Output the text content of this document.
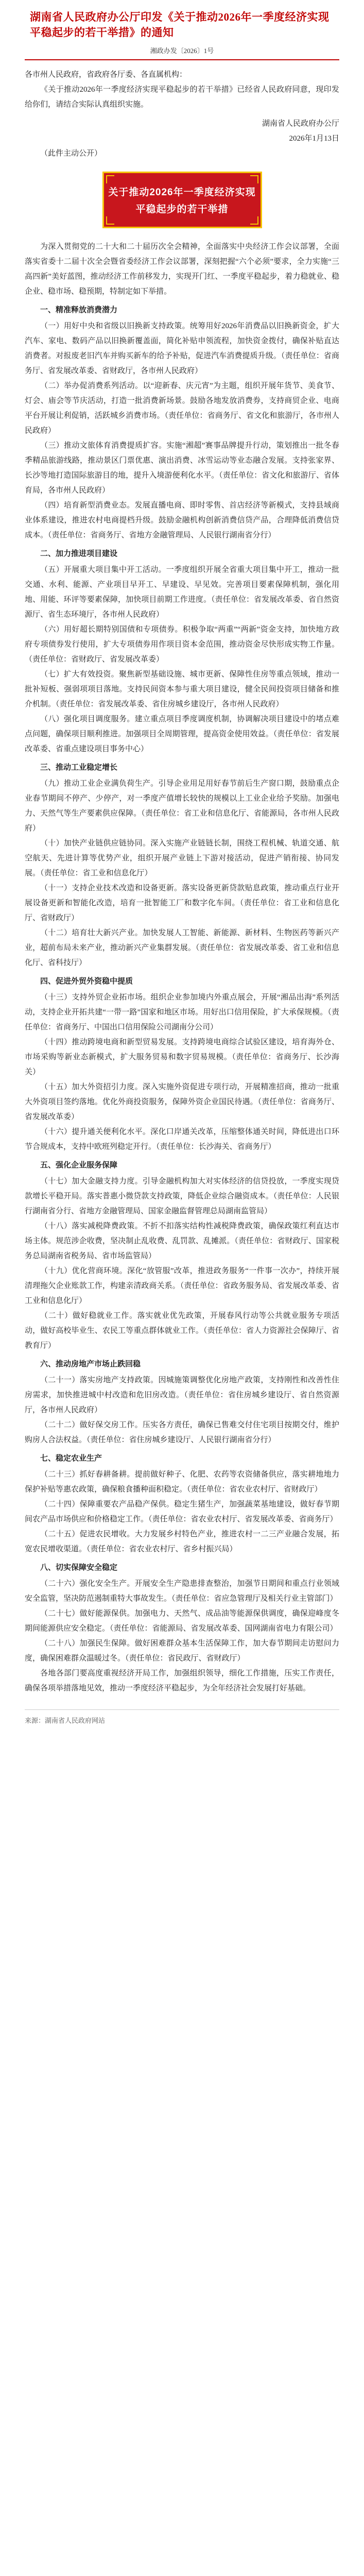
湖南省人民政府办公厅印发《关于推动2026年一季度经济实现平稳起步的若干举措》的通知
湘政办发〔2026〕1号

各市州人民政府，省政府各厅委、各直属机构：

《关于推动2026年一季度经济实现平稳起步的若干举措》已经省人民政府同意，现印发给你们，请结合实际认真组织实施。

湖南省人民政府办公厅
2026年1月13日

（此件主动公开）

关于推动2026年一季度经济实现
平稳起步的若干举措

为深入贯彻党的二十大和二十届历次全会精神，全面落实中央经济工作会议部署，全面落实省委十二届十次全会暨省委经济工作会议部署，深刻把握“六个必须”要求，全力实施“三高四新”美好蓝图，推动经济工作前移发力，实现开门红、一季度平稳起步，着力稳就业、稳企业、稳市场、稳预期，特制定如下举措。

一、精准释放消费潜力

（一）用好中央和省级以旧换新支持政策。统筹用好2026年消费品以旧换新资金，扩大汽车、家电、数码产品以旧换新覆盖面，简化补贴申领流程，加快资金拨付，确保补贴直达消费者。对报废老旧汽车并购买新车的给予补贴，促进汽车消费提质升级。（责任单位：省商务厅、省发展改革委、省财政厅，各市州人民政府）

（二）举办促消费系列活动。以“迎新春、庆元宵”为主题，组织开展年货节、美食节、灯会、庙会等节庆活动，打造一批消费新场景。鼓励各地发放消费券，支持商贸企业、电商平台开展让利促销，活跃城乡消费市场。（责任单位：省商务厅、省文化和旅游厅，各市州人民政府）

（三）推动文旅体育消费提质扩容。实施“湘超”赛事品牌提升行动，策划推出一批冬春季精品旅游线路，推动景区门票优惠、演出消费、冰雪运动等业态融合发展。支持张家界、长沙等地打造国际旅游目的地，提升入境游便利化水平。（责任单位：省文化和旅游厅、省体育局，各市州人民政府）

（四）培育新型消费业态。发展直播电商、即时零售、首店经济等新模式，支持县域商业体系建设，推进农村电商提档升级。鼓励金融机构创新消费信贷产品，合理降低消费信贷成本。（责任单位：省商务厅、省地方金融管理局、人民银行湖南省分行）

二、加力推进项目建设

（五）开展重大项目集中开工活动。一季度组织开展全省重大项目集中开工，推动一批交通、水利、能源、产业项目早开工、早建设、早见效。完善项目要素保障机制，强化用地、用能、环评等要素保障，加快项目前期工作进度。（责任单位：省发展改革委、省自然资源厅、省生态环境厅，各市州人民政府）

（六）用好超长期特别国债和专项债券。积极争取“两重”“两新”资金支持，加快地方政府专项债券发行使用，扩大专项债券用作项目资本金范围，推动资金尽快形成实物工作量。（责任单位：省财政厅、省发展改革委）

（七）扩大有效投资。聚焦新型基础设施、城市更新、保障性住房等重点领域，推动一批补短板、强弱项项目落地。支持民间资本参与重大项目建设，健全民间投资项目储备和推介机制。（责任单位：省发展改革委、省住房城乡建设厅，各市州人民政府）

（八）强化项目调度服务。建立重点项目季度调度机制，协调解决项目建设中的堵点难点问题，确保项目顺利推进。加强项目全周期管理，提高资金使用效益。（责任单位：省发展改革委、省重点建设项目事务中心）

三、推动工业稳定增长

（九）推动工业企业满负荷生产。引导企业用足用好春节前后生产窗口期，鼓励重点企业春节期间不停产、少停产，对一季度产值增长较快的规模以上工业企业给予奖励。加强电力、天然气等生产要素供应保障。（责任单位：省工业和信息化厅、省能源局，各市州人民政府）

（十）加快产业链供应链协同。深入实施产业链链长制，围绕工程机械、轨道交通、航空航天、先进计算等优势产业，组织开展产业链上下游对接活动，促进产销衔接、协同发展。（责任单位：省工业和信息化厅）

（十一）支持企业技术改造和设备更新。落实设备更新贷款贴息政策，推动重点行业开展设备更新和智能化改造，培育一批智能工厂和数字化车间。（责任单位：省工业和信息化厅、省财政厅）

（十二）培育壮大新兴产业。加快发展人工智能、新能源、新材料、生物医药等新兴产业，超前布局未来产业，推动新兴产业集群发展。（责任单位：省发展改革委、省工业和信息化厅、省科技厅）

四、促进外贸外资稳中提质

（十三）支持外贸企业拓市场。组织企业参加境内外重点展会，开展“湘品出海”系列活动，支持企业开拓共建“一带一路”国家和地区市场。用好出口信用保险，扩大承保规模。（责任单位：省商务厅、中国出口信用保险公司湖南分公司）

（十四）推动跨境电商和新型贸易发展。支持跨境电商综合试验区建设，培育海外仓、市场采购等新业态新模式，扩大服务贸易和数字贸易规模。（责任单位：省商务厅、长沙海关）

（十五）加大外资招引力度。深入实施外资促进专项行动，开展精准招商，推动一批重大外资项目签约落地。优化外商投资服务，保障外资企业国民待遇。（责任单位：省商务厅、省发展改革委）

（十六）提升通关便利化水平。深化口岸通关改革，压缩整体通关时间，降低进出口环节合规成本，支持中欧班列稳定开行。（责任单位：长沙海关、省商务厅）

五、强化企业服务保障

（十七）加大金融支持力度。引导金融机构加大对实体经济的信贷投放，一季度实现贷款增长平稳开局。落实普惠小微贷款支持政策，降低企业综合融资成本。（责任单位：人民银行湖南省分行、省地方金融管理局、国家金融监督管理总局湖南监管局）

（十八）落实减税降费政策。不折不扣落实结构性减税降费政策，确保政策红利直达市场主体。规范涉企收费，坚决制止乱收费、乱罚款、乱摊派。（责任单位：省财政厅、国家税务总局湖南省税务局、省市场监管局）

（十九）优化营商环境。深化“放管服”改革，推进政务服务“一件事一次办”，持续开展清理拖欠企业账款工作，构建亲清政商关系。（责任单位：省政务服务局、省发展改革委、省工业和信息化厅）

（二十）做好稳就业工作。落实就业优先政策，开展春风行动等公共就业服务专项活动，做好高校毕业生、农民工等重点群体就业工作。（责任单位：省人力资源社会保障厅、省教育厅）

六、推动房地产市场止跌回稳

（二十一）落实房地产支持政策。因城施策调整优化房地产政策，支持刚性和改善性住房需求，加快推进城中村改造和危旧房改造。（责任单位：省住房城乡建设厅、省自然资源厅，各市州人民政府）

（二十二）做好保交房工作。压实各方责任，确保已售难交付住宅项目按期交付，维护购房人合法权益。（责任单位：省住房城乡建设厅、人民银行湖南省分行）

七、稳定农业生产

（二十三）抓好春耕备耕。提前做好种子、化肥、农药等农资储备供应，落实耕地地力保护补贴等惠农政策，确保粮食播种面积稳定。（责任单位：省农业农村厅、省财政厅）

（二十四）保障重要农产品稳产保供。稳定生猪生产，加强蔬菜基地建设，做好春节期间农产品市场供应和价格稳定工作。（责任单位：省农业农村厅、省发展改革委、省商务厅）

（二十五）促进农民增收。大力发展乡村特色产业，推进农村一二三产业融合发展，拓宽农民增收渠道。（责任单位：省农业农村厅、省乡村振兴局）

八、切实保障安全稳定

（二十六）强化安全生产。开展安全生产隐患排查整治，加强节日期间和重点行业领域安全监管，坚决防范遏制重特大事故发生。（责任单位：省应急管理厅及相关行业主管部门）

（二十七）做好能源保供。加强电力、天然气、成品油等能源保供调度，确保迎峰度冬期间能源供应安全稳定。（责任单位：省能源局、省发展改革委、国网湖南省电力有限公司）

（二十八）加强民生保障。做好困难群众基本生活保障工作，加大春节期间走访慰问力度，确保困难群众温暖过冬。（责任单位：省民政厅、省财政厅）

各地各部门要高度重视经济开局工作，加强组织领导，细化工作措施，压实工作责任，确保各项举措落地见效，推动一季度经济平稳起步，为全年经济社会发展打好基础。

来源：湖南省人民政府网站
